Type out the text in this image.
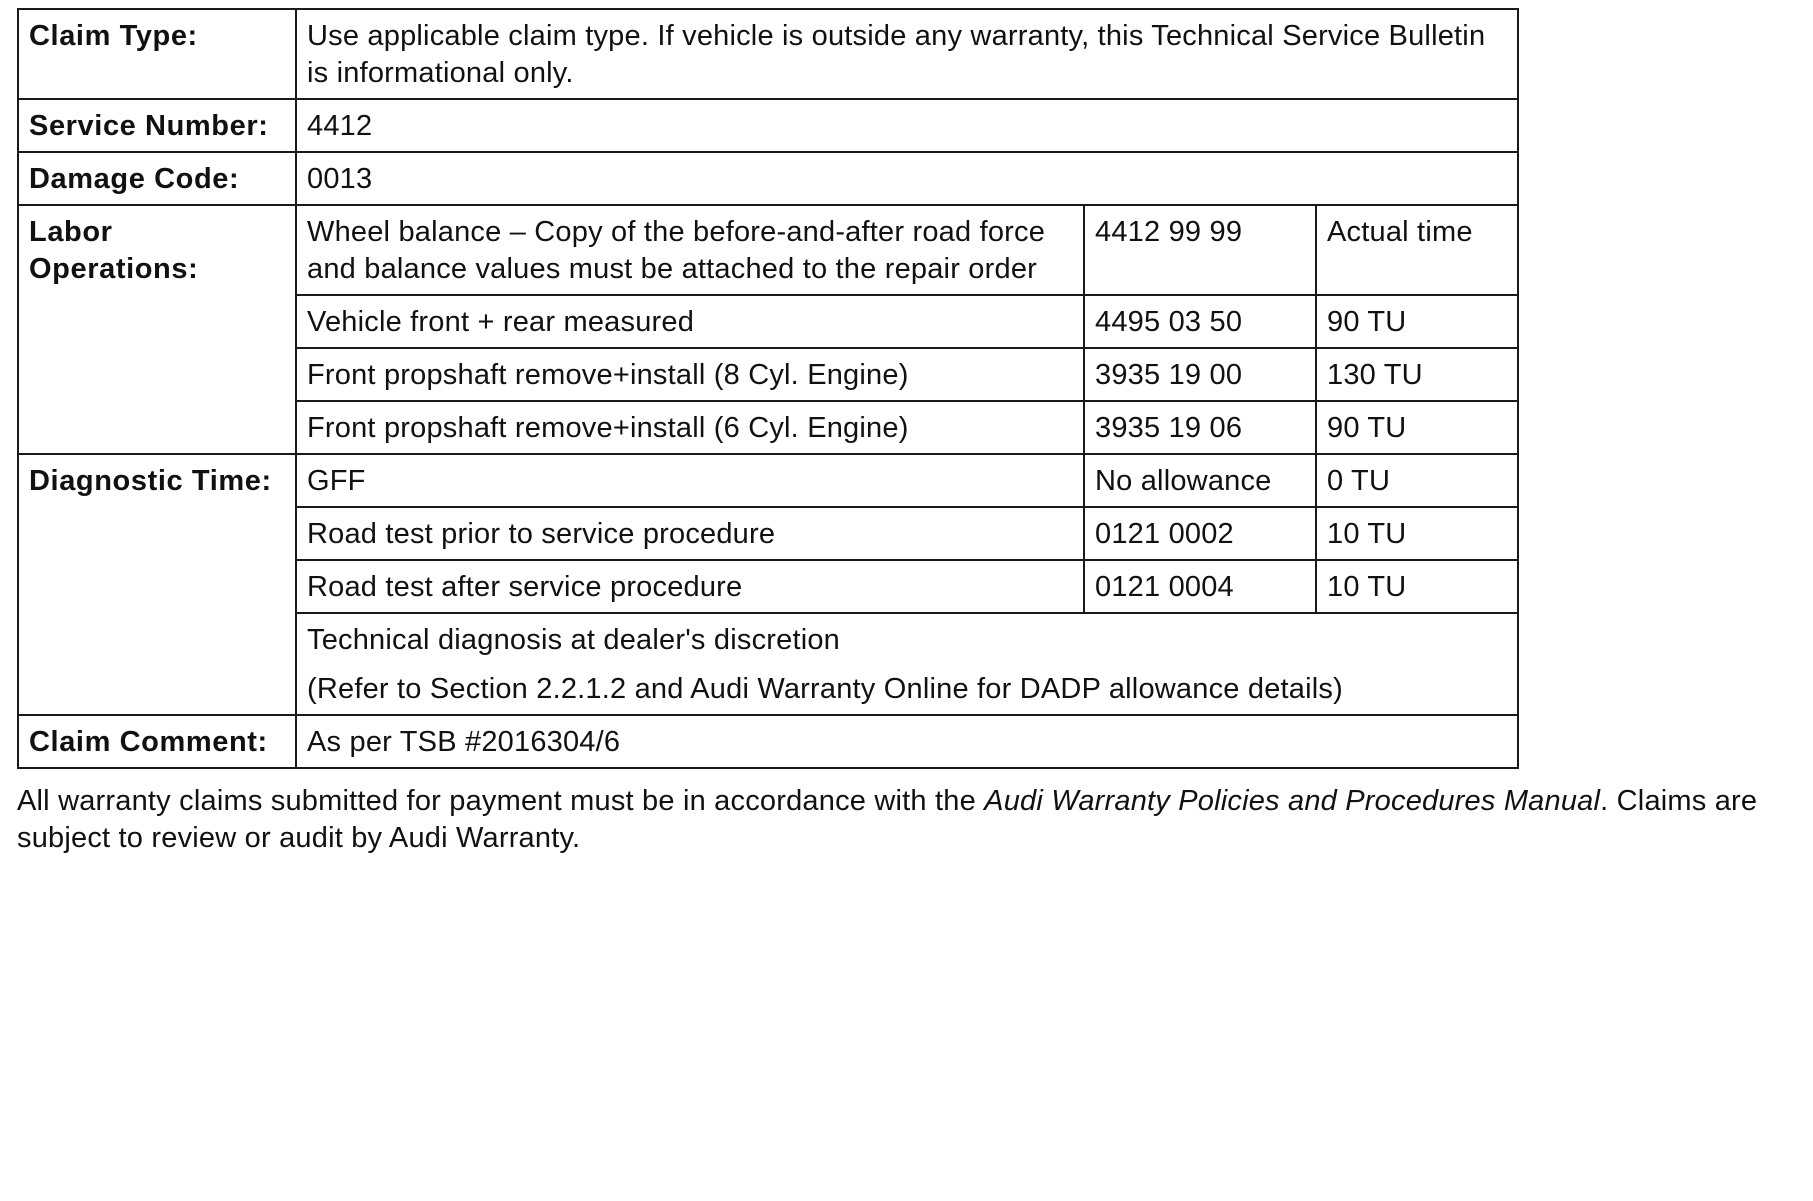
Claim Type:	Use applicable claim type. If vehicle is outside any warranty, this Technical Service Bulletin is informational only.		
Service Number:	4412		
Damage Code:	0013		
Labor Operations:	Wheel balance – Copy of the before-and-after road force and balance values must be attached to the repair order	4412 99 99	Actual time
	Vehicle front + rear measured	4495 03 50	90 TU
	Front propshaft remove+install (8 Cyl. Engine)	3935 19 00	130 TU
	Front propshaft remove+install (6 Cyl. Engine)	3935 19 06	90 TU
Diagnostic Time:	GFF	No allowance	0 TU
	Road test prior to service procedure	0121 0002	10 TU
	Road test after service procedure	0121 0004	10 TU
	Technical diagnosis at dealer's discretion
(Refer to Section 2.2.1.2 and Audi Warranty Online for DADP allowance details)		

Claim Comment:	As per TSB #2016304/6		

All warranty claims submitted for payment must be in accordance with the Audi Warranty Policies and Procedures Manual. Claims are subject to review or audit by Audi Warranty.
